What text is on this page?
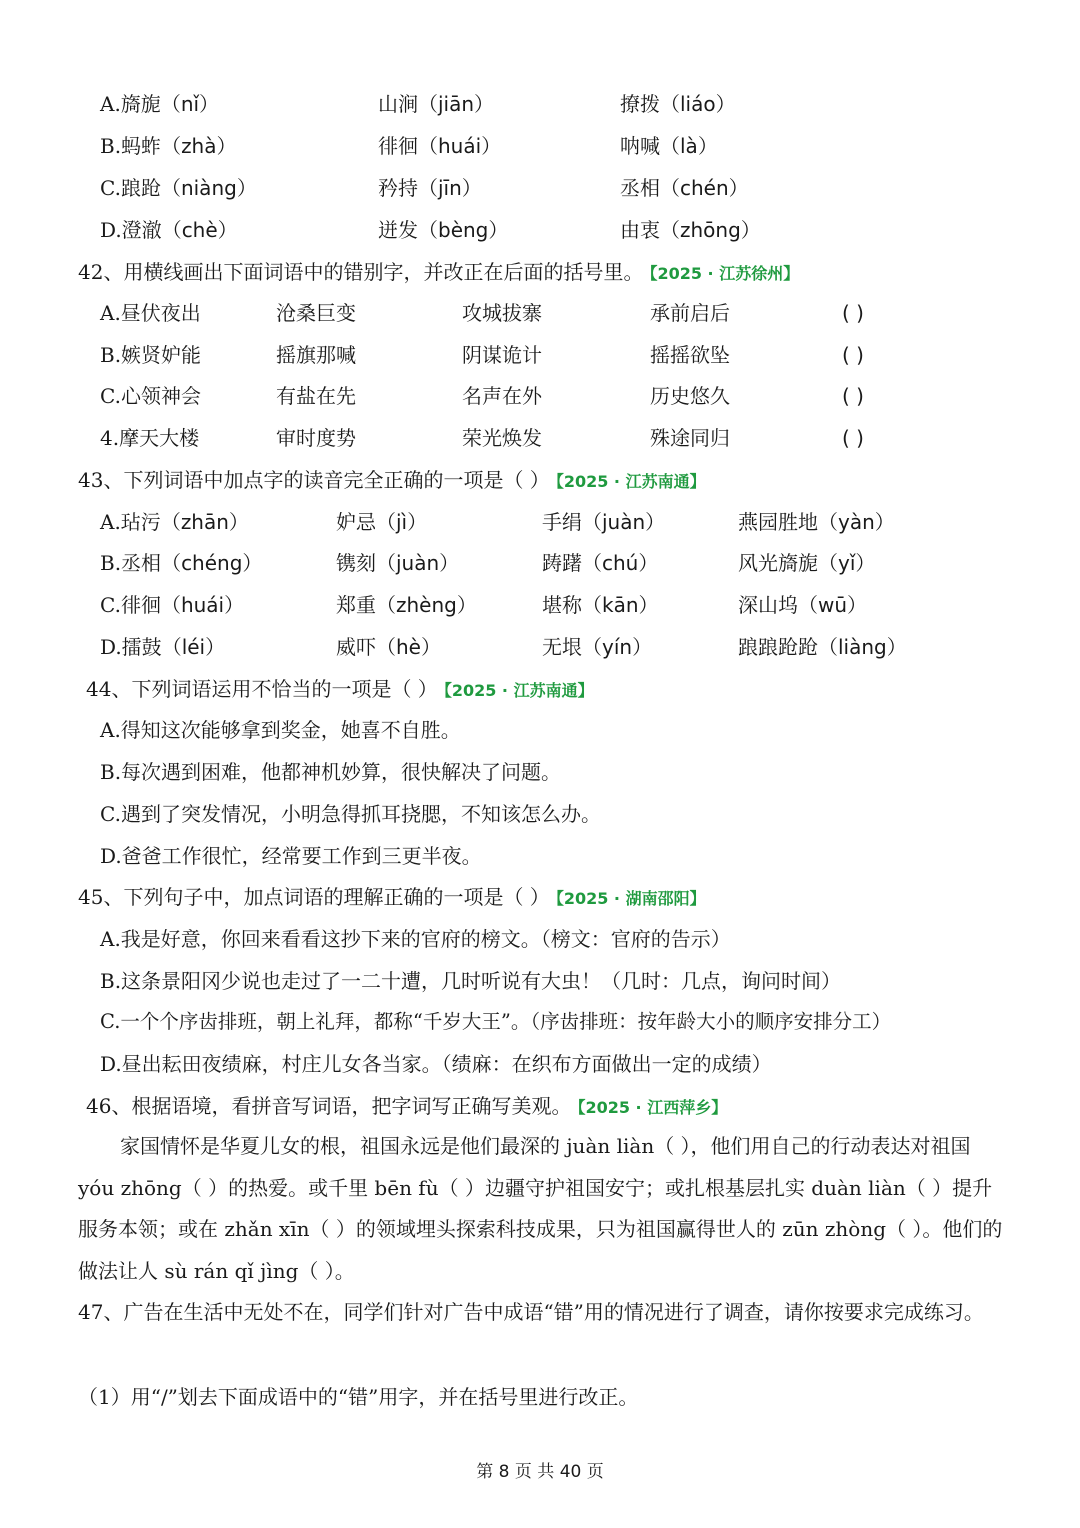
A.旖旎（nǐ）	山涧（jiān）	撩拨（liáo）
B.蚂蚱（zhà）	徘徊（huái）	呐喊（là）
C.踉跄（niàng）	矜持（jīn）	丞相（chén）
D.澄澈（chè）	迸发（bèng）	由衷（zhōng）
42、用横线画出下面词语中的错别字，并改正在后面的括号里。 【2025 · 江苏徐州】
A.昼伏夜出	沧桑巨变	攻城拔寨	承前启后	( )
B.嫉贤妒能	摇旗那喊	阴谋诡计	摇摇欲坠	( )
C.心领神会	有盐在先	名声在外	历史悠久	( )
4.摩天大楼	审时度势	荣光焕发	殊途同归	( )
43、下列词语中加点字的读音完全正确的一项是（ ） 【2025 · 江苏南通】
A.玷污（zhān）	妒忌（jì）	手绢（juàn）	燕园胜地（yàn）
B.丞相（chéng）	镌刻（juàn）	踌躇（chú）	风光旖旎（yǐ）
C.徘徊（huái）	郑重（zhèng）	堪称（kān）	深山坞（wū）
D.擂鼓（léi）	威吓（hè）	无垠（yín）	踉踉跄跄（liàng）
44、下列词语运用不恰当的一项是（ ） 【2025 · 江苏南通】
A.得知这次能够拿到奖金，她喜不自胜。
B.每次遇到困难，他都神机妙算，很快解决了问题。
C.遇到了突发情况，小明急得抓耳挠腮，不知该怎么办。
D.爸爸工作很忙，经常要工作到三更半夜。
45、下列句子中，加点词语的理解正确的一项是（ ） 【2025 · 湖南邵阳】
A.我是好意，你回来看看这抄下来的官府的榜文。（榜文：官府的告示）
B.这条景阳冈少说也走过了一二十遭，几时听说有大虫！（几时：几点，询问时间）
C.一个个序齿排班，朝上礼拜，都称“千岁大王”。（序齿排班：按年龄大小的顺序安排分工）
D.昼出耘田夜绩麻，村庄儿女各当家。（绩麻：在织布方面做出一定的成绩）
46、根据语境，看拼音写词语，把字词写正确写美观。 【2025 · 江西萍乡】
家国情怀是华夏儿女的根，祖国永远是他们最深的 juàn liàn（ ），他们用自己的行动表达对祖国 yóu zhōng（ ）的热爱。或千里 bēn fù（ ）边疆守护祖国安宁；或扎根基层扎实 duàn liàn（ ）提升服务本领；或在 zhǎn xīn（ ）的领域埋头探索科技成果，只为祖国赢得世人的 zūn zhòng（ ）。他们的做法让人 sù rán qǐ jìng（ ）。
47、广告在生活中无处不在，同学们针对广告中成语“错”用的情况进行了调查，请你按要求完成练习。
（1）用“/”划去下面成语中的“错”用字，并在括号里进行改正。
第 8 页 共 40 页
